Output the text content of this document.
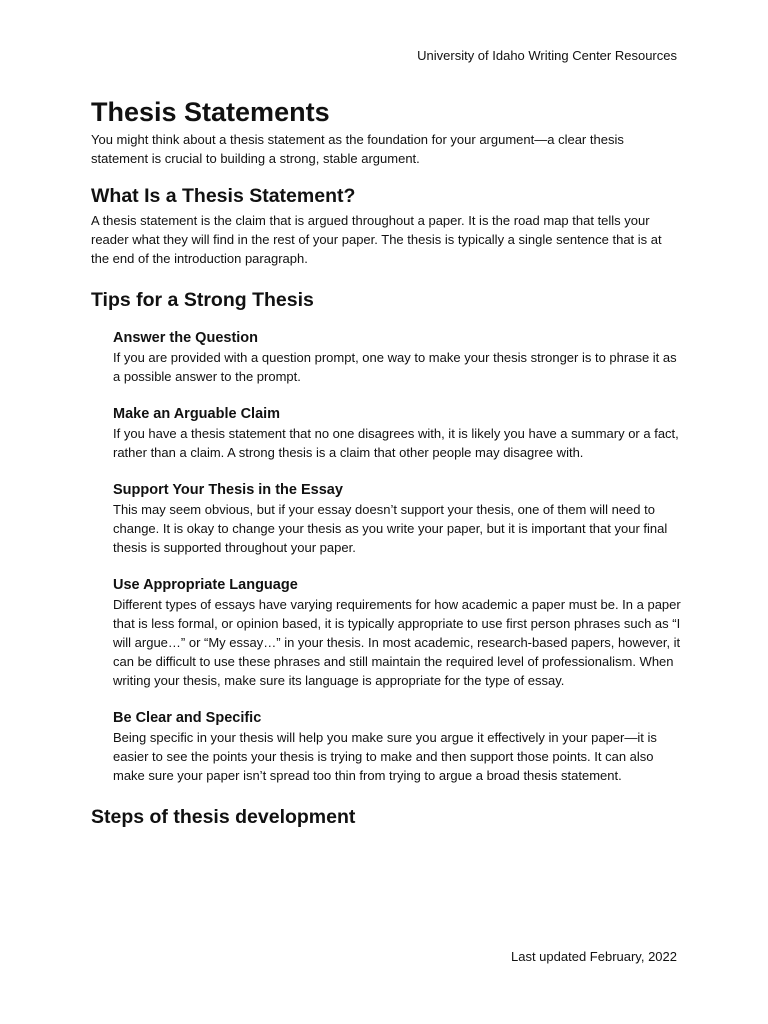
University of Idaho Writing Center Resources
Thesis Statements

You might think about a thesis statement as the foundation for your argument—a clear thesis statement is crucial to building a strong, stable argument.

What Is a Thesis Statement?

A thesis statement is the claim that is argued throughout a paper. It is the road map that tells your reader what they will find in the rest of your paper. The thesis is typically a single sentence that is at the end of the introduction paragraph.

Tips for a Strong Thesis
Answer the Question

If you are provided with a question prompt, one way to make your thesis stronger is to phrase it as a possible answer to the prompt.

Make an Arguable Claim

If you have a thesis statement that no one disagrees with, it is likely you have a summary or a fact, rather than a claim. A strong thesis is a claim that other people may disagree with.

Support Your Thesis in the Essay

This may seem obvious, but if your essay doesn’t support your thesis, one of them will need to change. It is okay to change your thesis as you write your paper, but it is important that your final thesis is supported throughout your paper.

Use Appropriate Language

Different types of essays have varying requirements for how academic a paper must be. In a paper that is less formal, or opinion based, it is typically appropriate to use first person phrases such as “I will argue…” or “My essay…” in your thesis. In most academic, research-based papers, however, it can be difficult to use these phrases and still maintain the required level of professionalism. When writing your thesis, make sure its language is appropriate for the type of essay.

Be Clear and Specific

Being specific in your thesis will help you make sure you argue it effectively in your paper—it is easier to see the points your thesis is trying to make and then support those points. It can also make sure your paper isn’t spread too thin from trying to argue a broad thesis statement.

Steps of thesis development
Last updated February, 2022
